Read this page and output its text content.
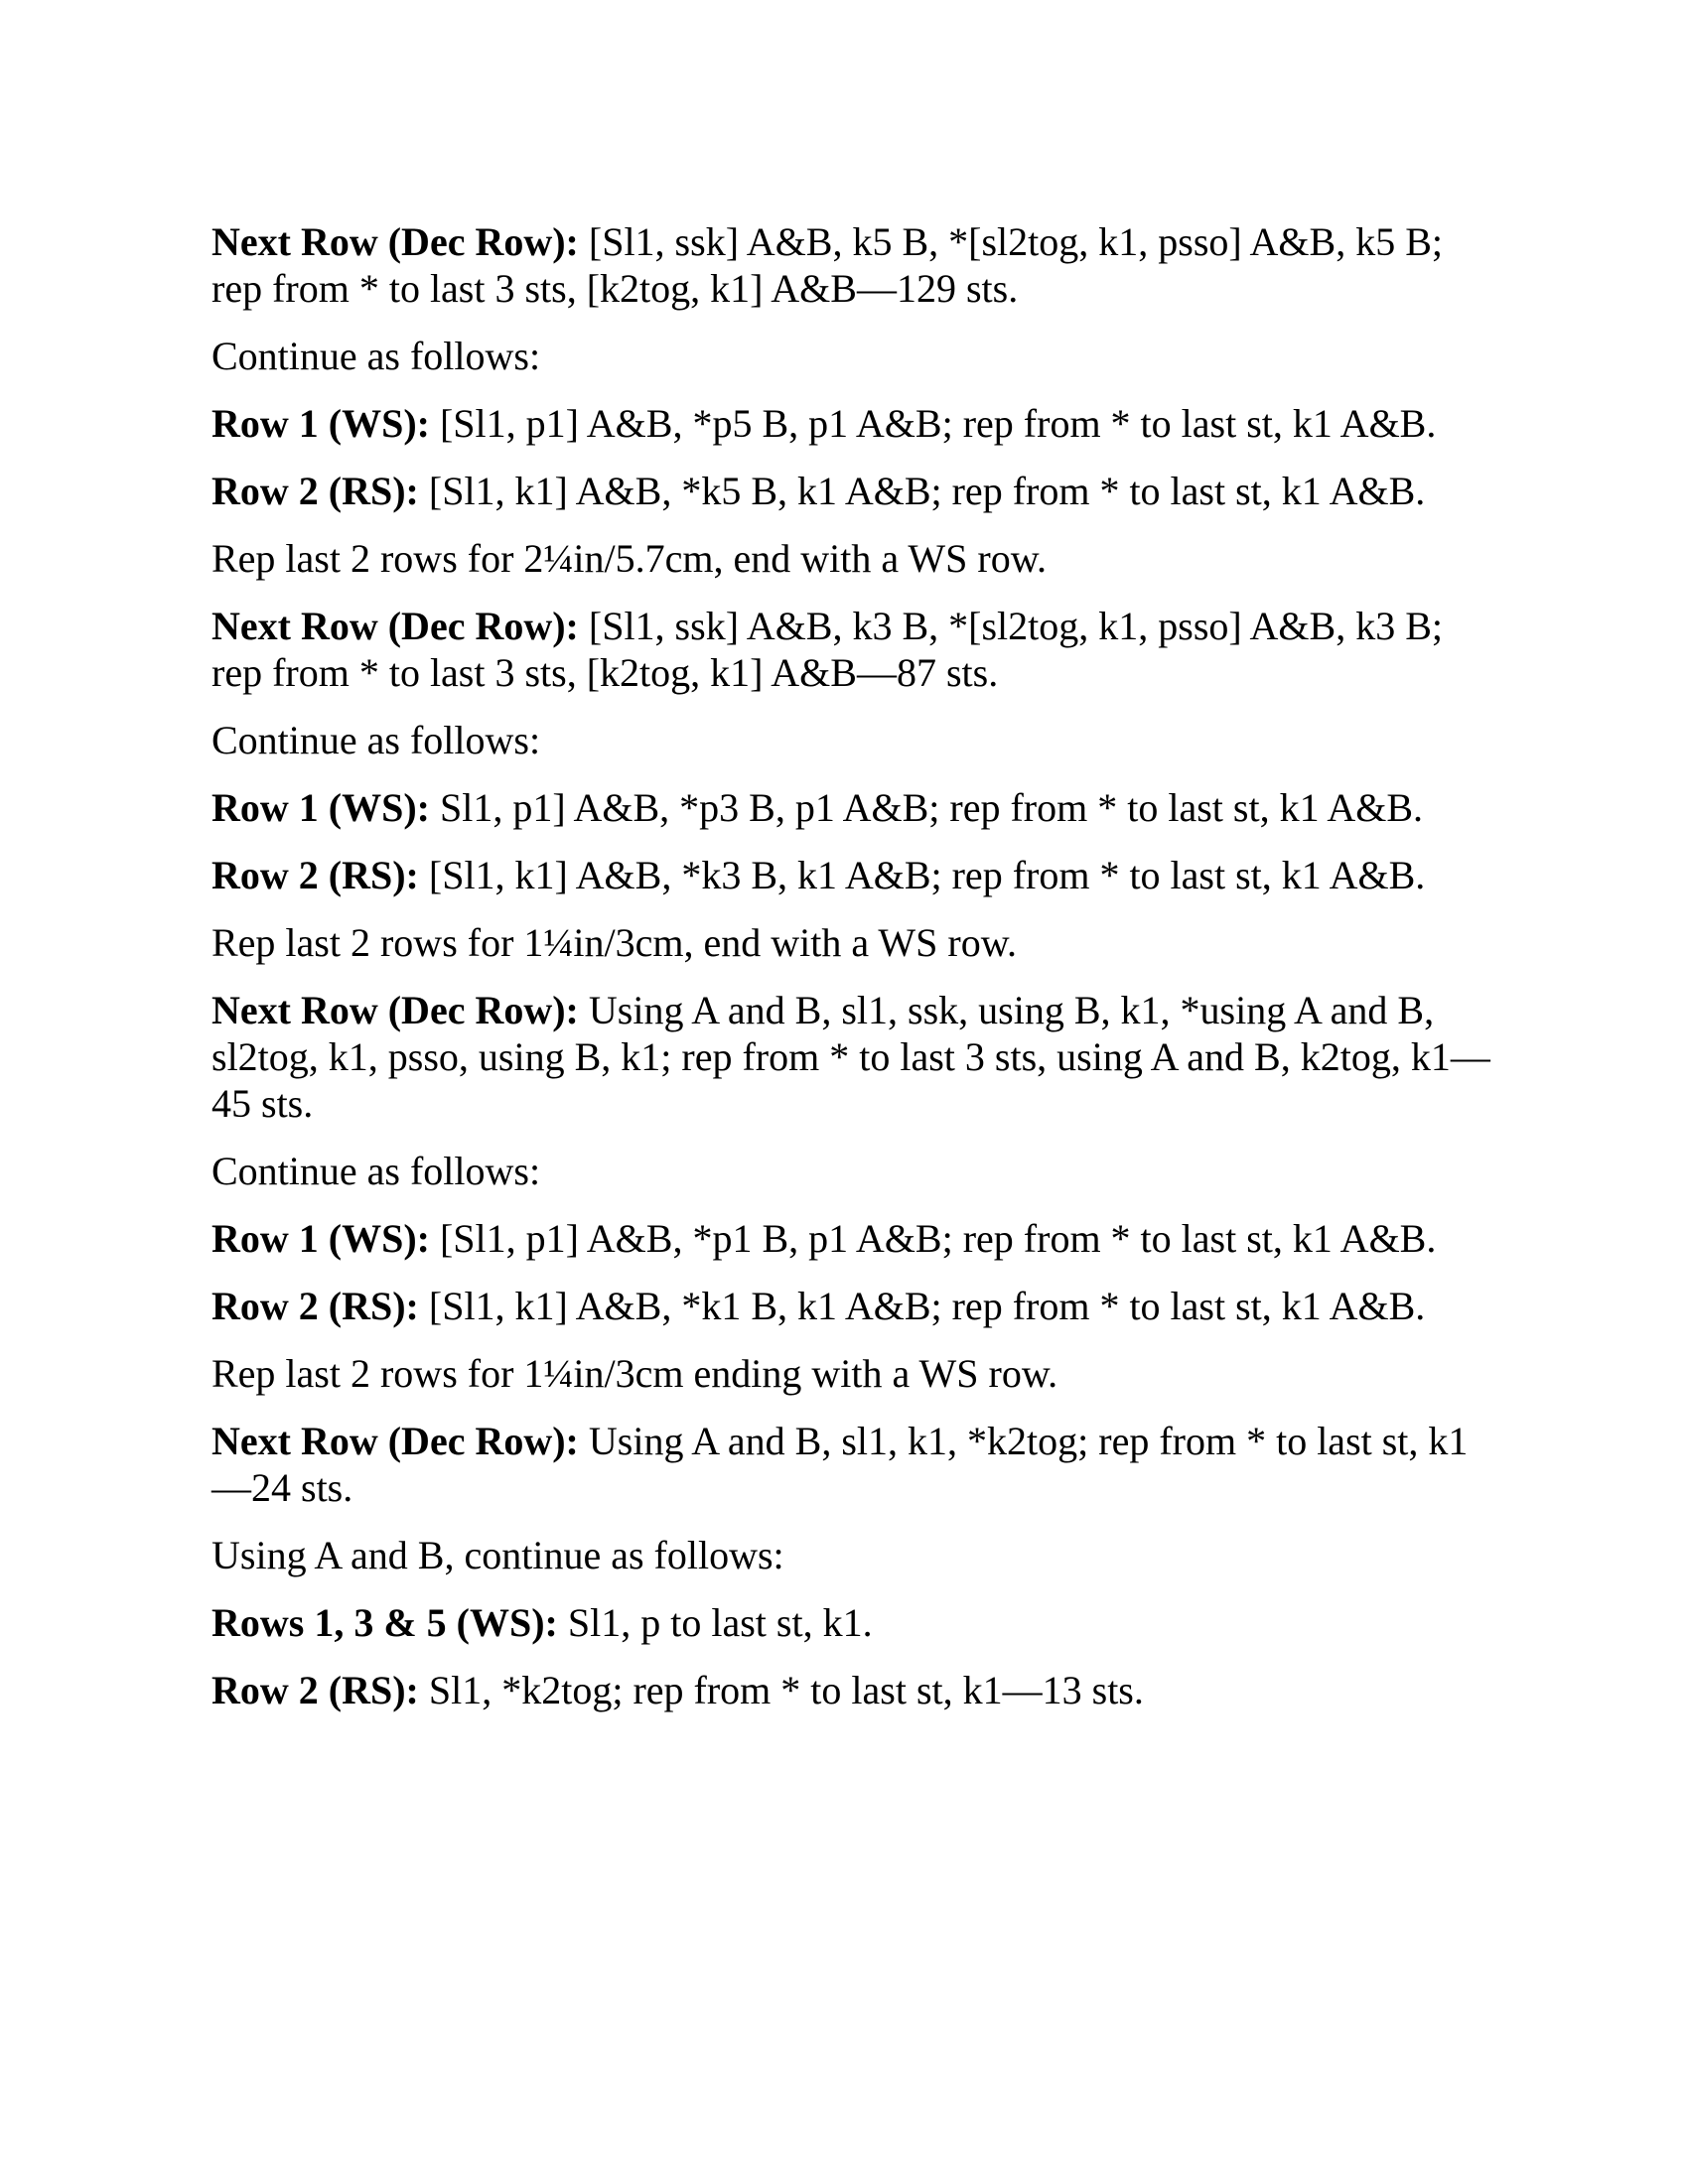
Next Row (Dec Row): [Sl1, ssk] A&B, k5 B, *[sl2tog, k1, psso] A&B, k5 B; rep from * to last 3 sts, [k2tog, k1] A&B—129 sts.

Continue as follows:

Row 1 (WS): [Sl1, p1] A&B, *p5 B, p1 A&B; rep from * to last st, k1 A&B.

Row 2 (RS): [Sl1, k1] A&B, *k5 B, k1 A&B; rep from * to last st, k1 A&B.

Rep last 2 rows for 2¼in/5.7cm, end with a WS row.

Next Row (Dec Row): [Sl1, ssk] A&B, k3 B, *[sl2tog, k1, psso] A&B, k3 B; rep from * to last 3 sts, [k2tog, k1] A&B—87 sts.

Continue as follows:

Row 1 (WS): Sl1, p1] A&B, *p3 B, p1 A&B; rep from * to last st, k1 A&B.

Row 2 (RS): [Sl1, k1] A&B, *k3 B, k1 A&B; rep from * to last st, k1 A&B.

Rep last 2 rows for 1¼in/3cm, end with a WS row.

Next Row (Dec Row): Using A and B, sl1, ssk, using B, k1, *using A and B, sl2tog, k1, psso, using B, k1; rep from * to last 3 sts, using A and B, k2tog, k1—45 sts.

Continue as follows:

Row 1 (WS): [Sl1, p1] A&B, *p1 B, p1 A&B; rep from * to last st, k1 A&B.

Row 2 (RS): [Sl1, k1] A&B, *k1 B, k1 A&B; rep from * to last st, k1 A&B.

Rep last 2 rows for 1¼in/3cm ending with a WS row.

Next Row (Dec Row): Using A and B, sl1, k1, *k2tog; rep from * to last st, k1—24 sts.

Using A and B, continue as follows:

Rows 1, 3 & 5 (WS): Sl1, p to last st, k1.

Row 2 (RS): Sl1, *k2tog; rep from * to last st, k1—13 sts.
